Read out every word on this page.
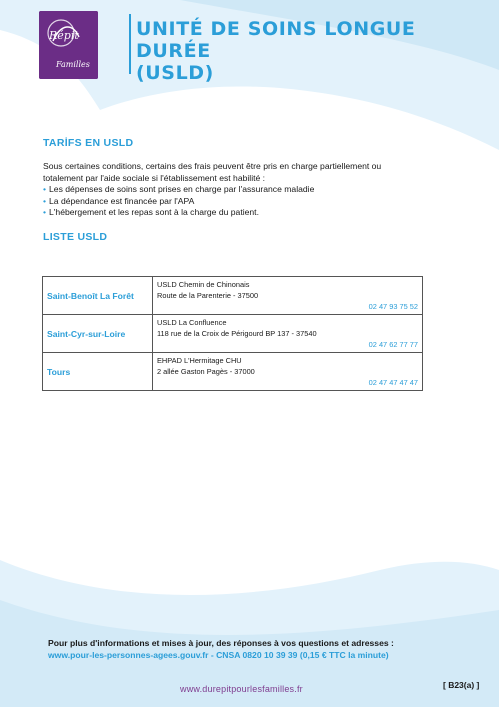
Répit
Familles
UNITÉ DE SOINS LONGUE DURÉE
(USLD)
TARİFS EN USLD
Sous certaines conditions, certains des frais peuvent être pris en charge partiellement ou
totalement par l'aide sociale si l'établissement est habilité :
• Les dépenses de soins sont prises en charge par l'assurance maladie
• La dépendance est financée par l'APA
• L'hébergement et les repas sont à la charge du patient.
LISTE USLD
Saint-Benoît La Forêt	USLD Chemin de Chinonais
Route de la Parenterie - 37500
02 47 93 75 52

Saint-Cyr-sur-Loire	USLD La Confluence
118 rue de la Croix de Périgourd BP 137 - 37540
02 47 62 77 77

Tours	EHPAD L'Hermitage CHU
2 allée Gaston Pagès - 37000
02 47 47 47 47
Pour plus d'informations et mises à jour, des réponses à vos questions et adresses :
www.pour-les-personnes-agees.gouv.fr - CNSA 0820 10 39 39 (0,15 € TTC la minute)
www.durepitpourlesfamilles.fr	[ B23(a) ]
